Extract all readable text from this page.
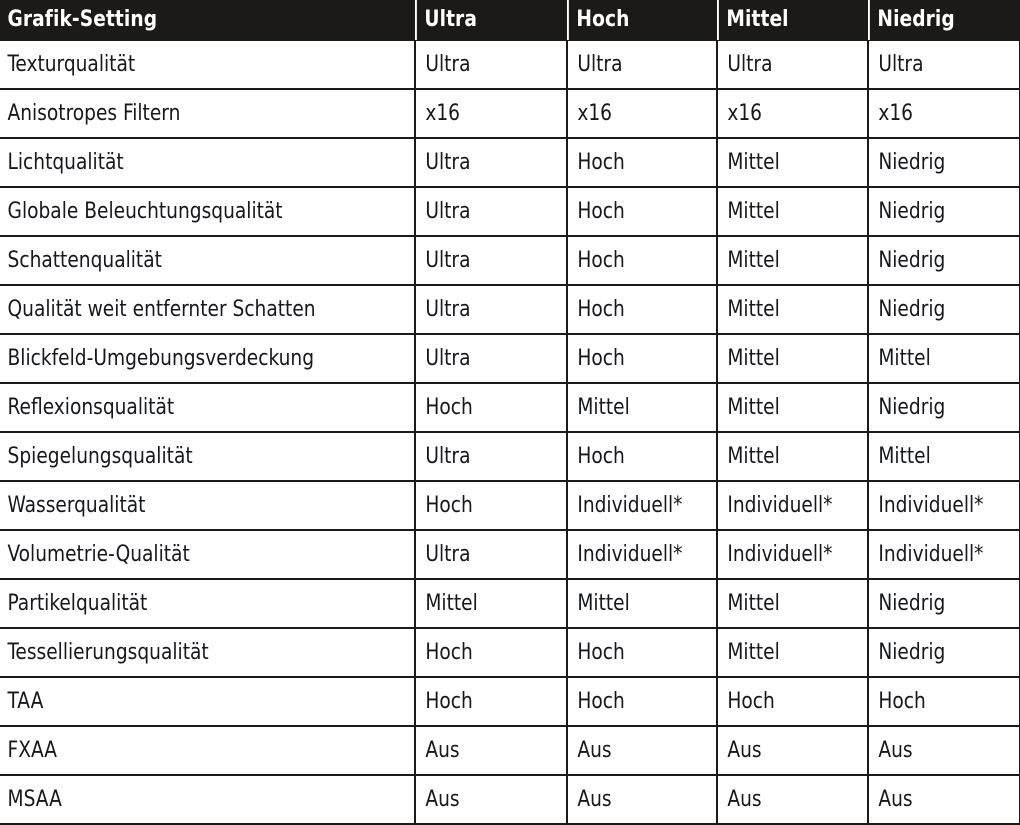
Grafik-Setting	Ultra	Hoch	Mittel	Niedrig
Texturqualität	Ultra	Ultra	Ultra	Ultra
Anisotropes Filtern	x16	x16	x16	x16
Lichtqualität	Ultra	Hoch	Mittel	Niedrig
Globale Beleuchtungsqualität	Ultra	Hoch	Mittel	Niedrig
Schattenqualität	Ultra	Hoch	Mittel	Niedrig
Qualität weit entfernter Schatten	Ultra	Hoch	Mittel	Niedrig
Blickfeld-Umgebungsverdeckung	Ultra	Hoch	Mittel	Mittel
Reflexionsqualität	Hoch	Mittel	Mittel	Niedrig
Spiegelungsqualität	Ultra	Hoch	Mittel	Mittel
Wasserqualität	Hoch	Individuell*	Individuell*	Individuell*
Volumetrie-Qualität	Ultra	Individuell*	Individuell*	Individuell*
Partikelqualität	Mittel	Mittel	Mittel	Niedrig
Tessellierungsqualität	Hoch	Hoch	Mittel	Niedrig
TAA	Hoch	Hoch	Hoch	Hoch
FXAA	Aus	Aus	Aus	Aus
MSAA	Aus	Aus	Aus	Aus
